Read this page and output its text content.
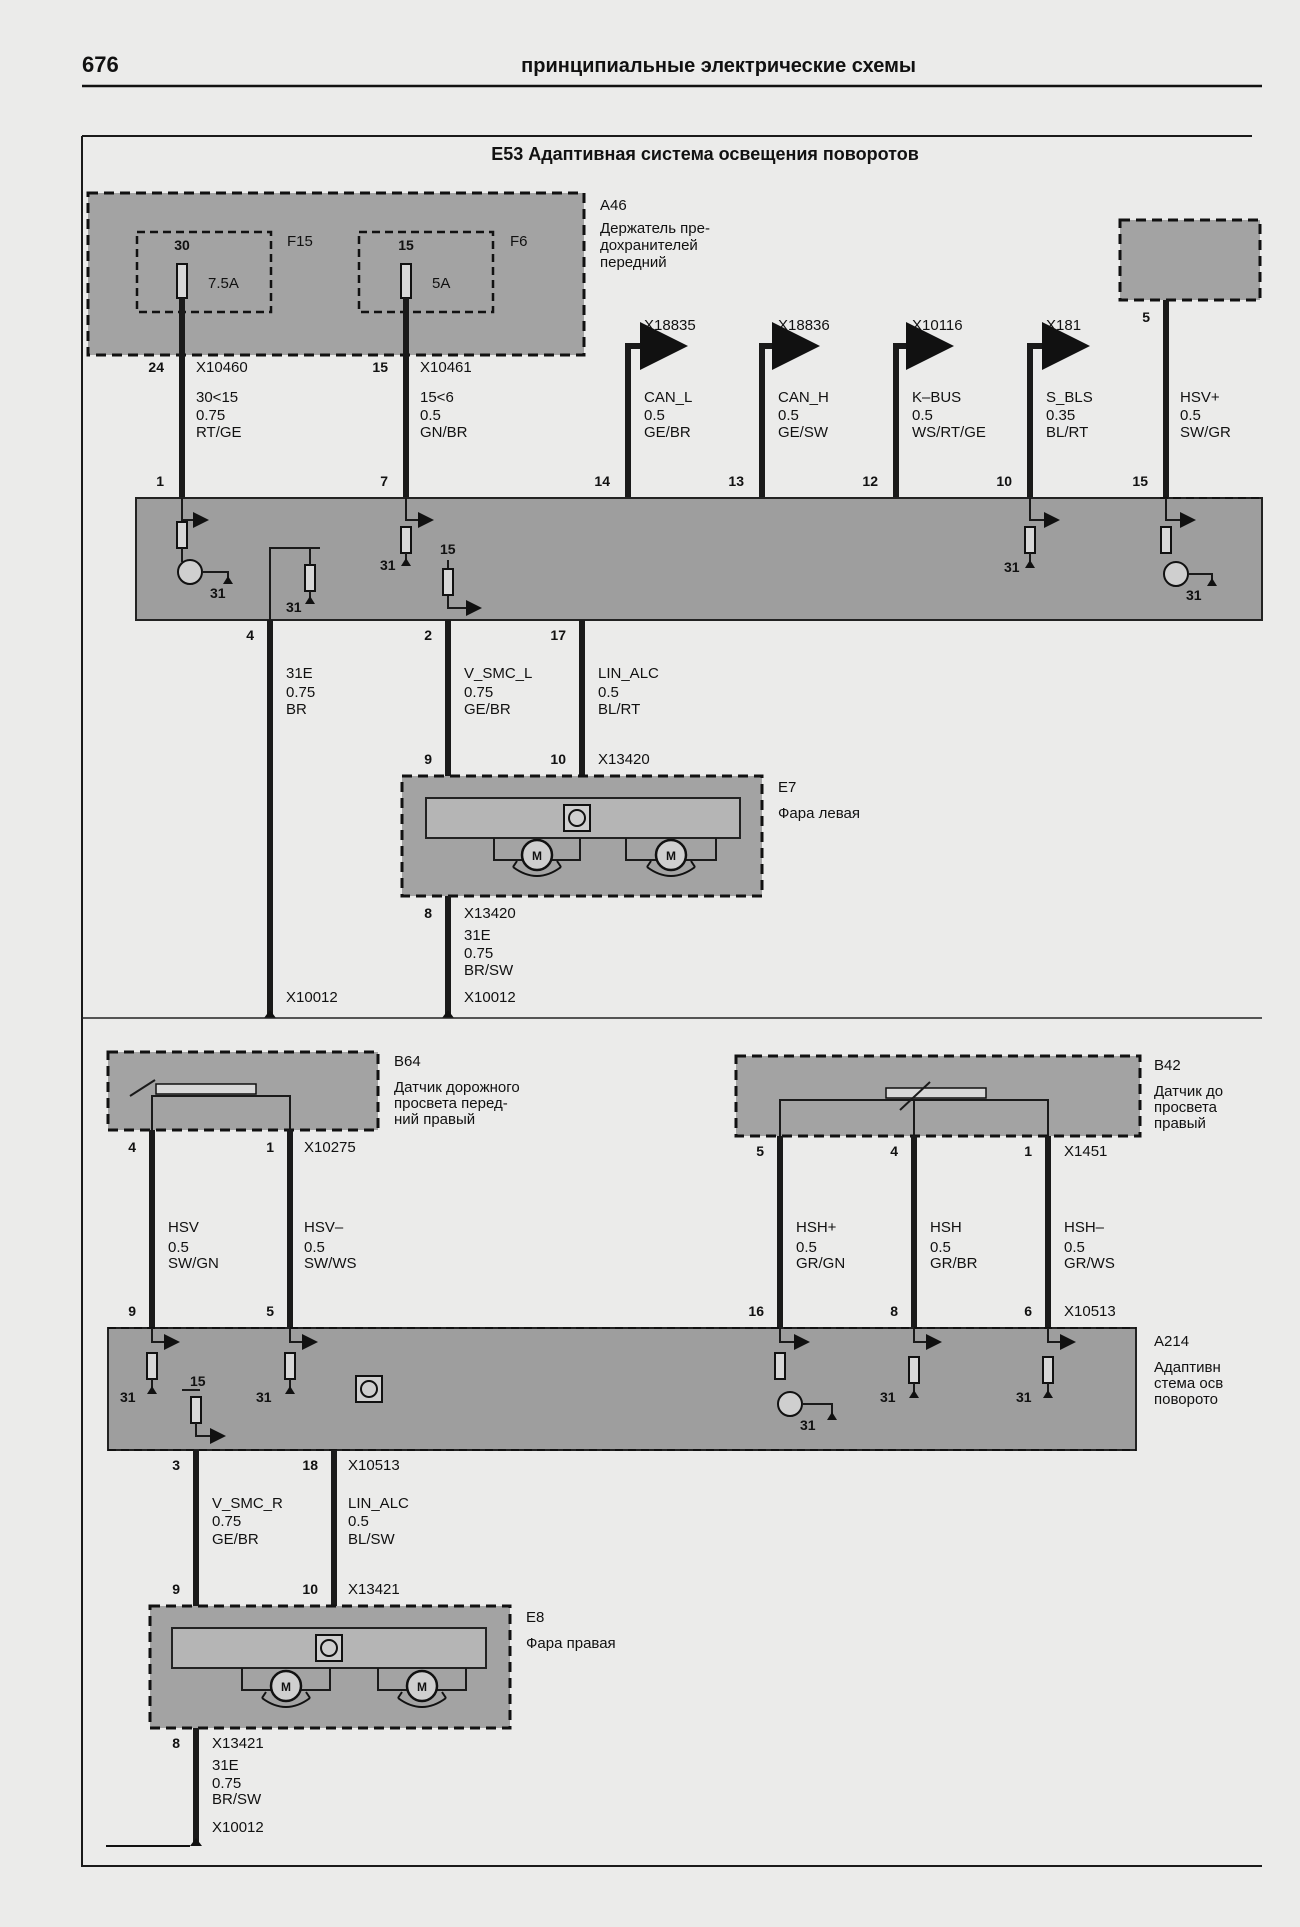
676	принципиальные электрические схемы
E53 Адаптивная система освещения поворотов
30	15
F15	F6
7.5A	5A
A46
Держатель пре-
дохранителей
передний
24 X10460
30<15
0.75
RT/GE
1
15 X10461
15<6
0.5
GN/BR
7
X18835
CAN_L
0.5
GE/BR
14
X18836
CAN_H
0.5
GE/SW
13
X10116
K–BUS
0.5
WS/RT/GE
12
X181
S_BLS
0.35
BL/RT
10
5
HSV+
0.5
SW/GR
15
31
31
31
15
31
31
4
31E
0.75
BR
X10012
2
V_SMC_L
0.75
GE/BR
17
LIN_ALC
0.5
BL/RT
M	M
9	10 X13420
E7
Фара левая
8 X13420
31E
0.75
BR/SW
X10012
B64
Датчик дорожного
просвета перед-
ний правый
4	1 X10275
HSV
0.5
SW/GN
9
HSV–
0.5
SW/WS
5
B42
Датчик до
просвета
правый
5	4	1 X1451
HSH+
0.5
GR/GN
16
HSH
0.5
GR/BR
8
HSH–
0.5
GR/WS
6 X10513
A214
Адаптивн
стема осв
поворото
31	31
15
31
31	31
3
V_SMC_R
0.75
GE/BR
18 X10513
LIN_ALC
0.5
BL/SW
M	M
9	10 X13421
E8
Фара правая
8 X13421
31E
0.75
BR/SW
X10012
